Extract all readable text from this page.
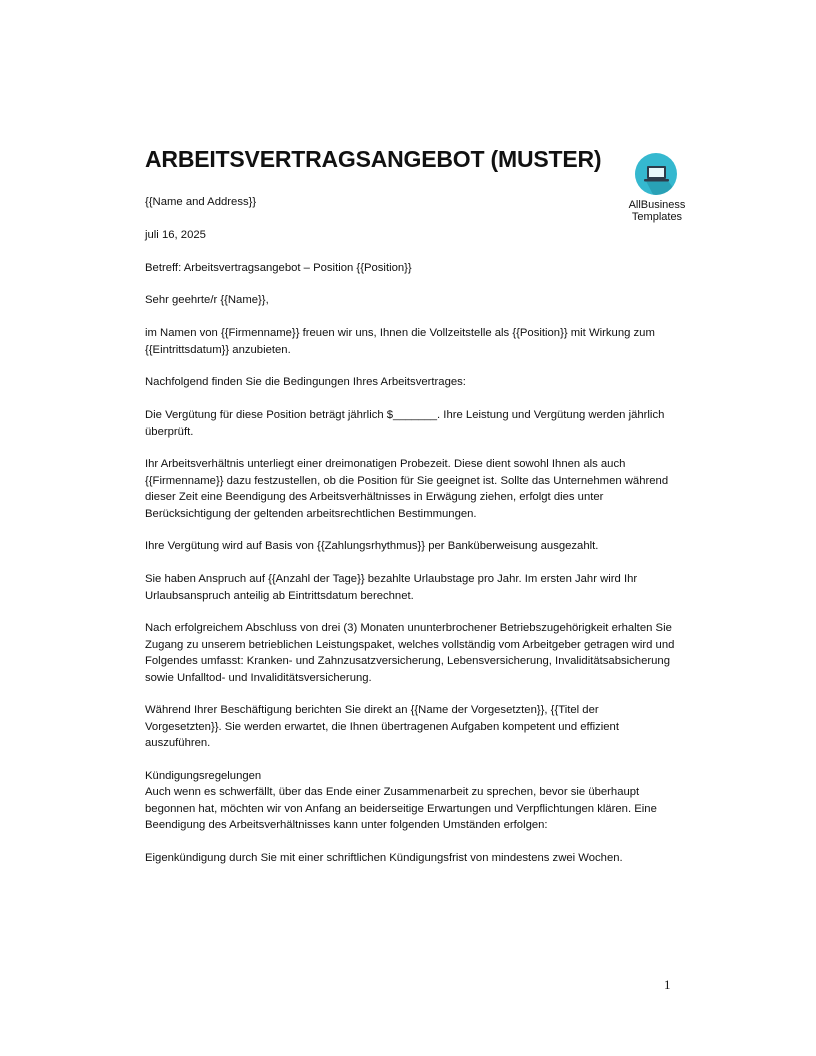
ARBEITSVERTRAGSANGEBOT (MUSTER)
AllBusiness
Templates

{{Name and Address}}

juli 16, 2025

Betreff: Arbeitsvertragsangebot – Position {{Position}}

Sehr geehrte/r {{Name}},

im Namen von {{Firmenname}} freuen wir uns, Ihnen die Vollzeitstelle als {{Position}} mit Wirkung zum {{Eintrittsdatum}} anzubieten.

Nachfolgend finden Sie die Bedingungen Ihres Arbeitsvertrages:

Die Vergütung für diese Position beträgt jährlich $_______. Ihre Leistung und Vergütung werden jährlich überprüft.

Ihr Arbeitsverhältnis unterliegt einer dreimonatigen Probezeit. Diese dient sowohl Ihnen als auch {{Firmenname}} dazu festzustellen, ob die Position für Sie geeignet ist. Sollte das Unternehmen während dieser Zeit eine Beendigung des Arbeitsverhältnisses in Erwägung ziehen, erfolgt dies unter Berücksichtigung der geltenden arbeitsrechtlichen Bestimmungen.

Ihre Vergütung wird auf Basis von {{Zahlungsrhythmus}} per Banküberweisung ausgezahlt.

Sie haben Anspruch auf {{Anzahl der Tage}} bezahlte Urlaubstage pro Jahr. Im ersten Jahr wird Ihr Urlaubsanspruch anteilig ab Eintrittsdatum berechnet.

Nach erfolgreichem Abschluss von drei (3) Monaten ununterbrochener Betriebszugehörigkeit erhalten Sie Zugang zu unserem betrieblichen Leistungspaket, welches vollständig vom Arbeitgeber getragen wird und Folgendes umfasst: Kranken- und Zahnzusatzversicherung, Lebensversicherung, Invaliditätsabsicherung sowie Unfalltod- und Invaliditätsversicherung.

Während Ihrer Beschäftigung berichten Sie direkt an {{Name der Vorgesetzten}}, {{Titel der Vorgesetzten}}. Sie werden erwartet, die Ihnen übertragenen Aufgaben kompetent und effizient auszuführen.

Kündigungsregelungen

Auch wenn es schwerfällt, über das Ende einer Zusammenarbeit zu sprechen, bevor sie überhaupt begonnen hat, möchten wir von Anfang an beiderseitige Erwartungen und Verpflichtungen klären. Eine Beendigung des Arbeitsverhältnisses kann unter folgenden Umständen erfolgen:

Eigenkündigung durch Sie mit einer schriftlichen Kündigungsfrist von mindestens zwei Wochen.

1
